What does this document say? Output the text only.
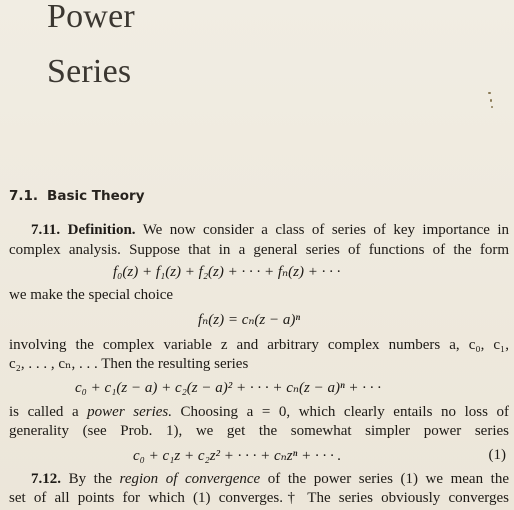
Power
Series
7.1. Basic Theory
7.11. Definition. We now consider a class of series of key importance in
complex analysis. Suppose that in a general series of functions of the form
f₀(z) + f₁(z) + f₂(z) + · · · + fₙ(z) + · · ·
we make the special choice
fₙ(z) = cₙ(z − a)ⁿ
involving the complex variable z and arbitrary complex numbers a, c₀, c₁,
c₂, . . . , cₙ, . . . Then the resulting series
c₀ + c₁(z − a) + c₂(z − a)² + · · · + cₙ(z − a)ⁿ + · · ·
is called a power series. Choosing a = 0, which clearly entails no loss of
generality (see Prob. 1), we get the somewhat simpler power series
c₀ + c₁z + c₂z² + · · · + cₙzⁿ + · · · .	(1)
7.12. By the region of convergence of the power series (1) we mean the
set of all points for which (1) converges.† The series obviously converges
